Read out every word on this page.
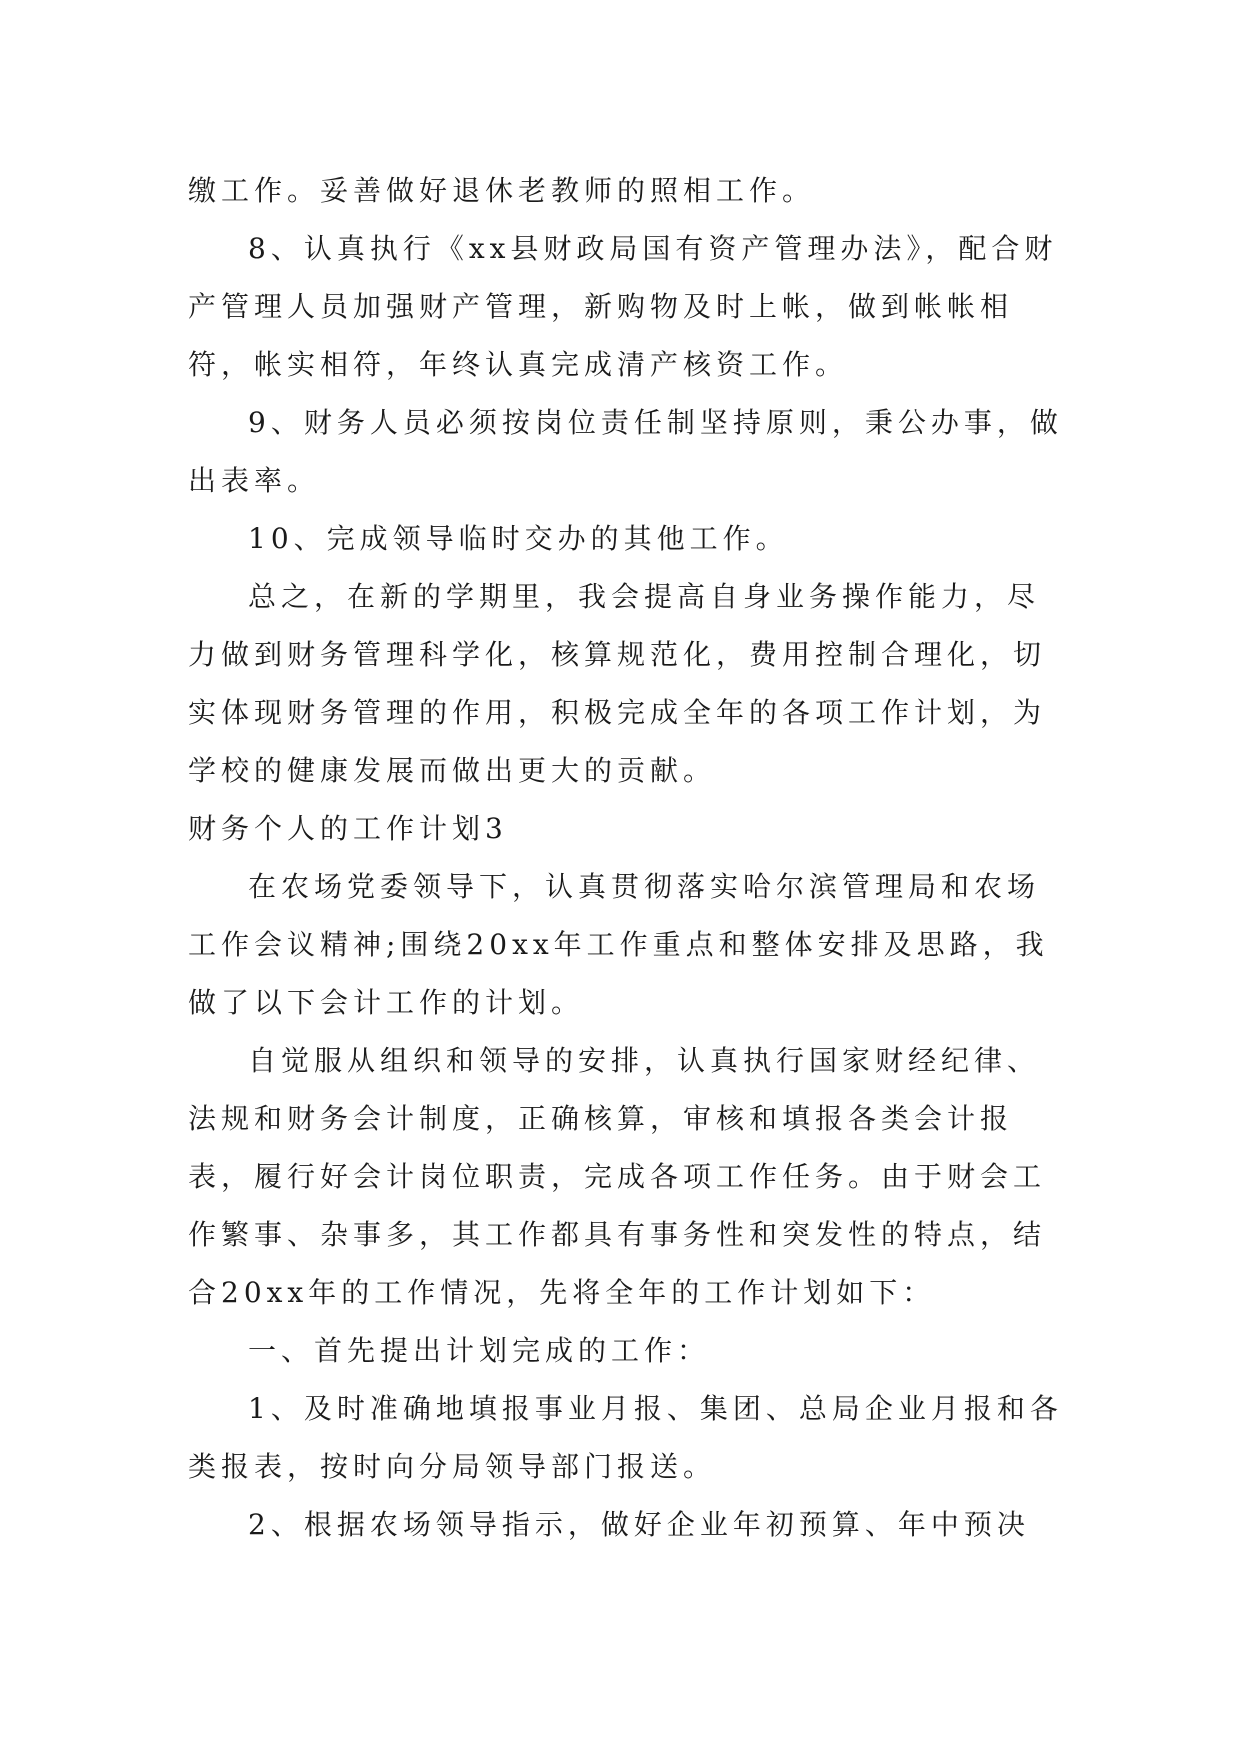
缴工作。妥善做好退休老教师的照相工作。

8、认真执行《xx县财政局国有资产管理办法》，配合财产管理人员加强财产管理，新购物及时上帐，做到帐帐相符，帐实相符，年终认真完成清产核资工作。

9、财务人员必须按岗位责任制坚持原则，秉公办事，做出表率。

10、完成领导临时交办的其他工作。

总之，在新的学期里，我会提高自身业务操作能力，尽力做到财务管理科学化，核算规范化，费用控制合理化，切实体现财务管理的作用，积极完成全年的各项工作计划，为学校的健康发展而做出更大的贡献。

财务个人的工作计划3

在农场党委领导下，认真贯彻落实哈尔滨管理局和农场工作会议精神;围绕20xx年工作重点和整体安排及思路，我做了以下会计工作的计划。

自觉服从组织和领导的安排，认真执行国家财经纪律、法规和财务会计制度，正确核算，审核和填报各类会计报表，履行好会计岗位职责，完成各项工作任务。由于财会工作繁事、杂事多，其工作都具有事务性和突发性的特点，结合20xx年的工作情况，先将全年的工作计划如下：

一、首先提出计划完成的工作：

1、及时准确地填报事业月报、集团、总局企业月报和各类报表，按时向分局领导部门报送。

2、根据农场领导指示，做好企业年初预算、年中预决
